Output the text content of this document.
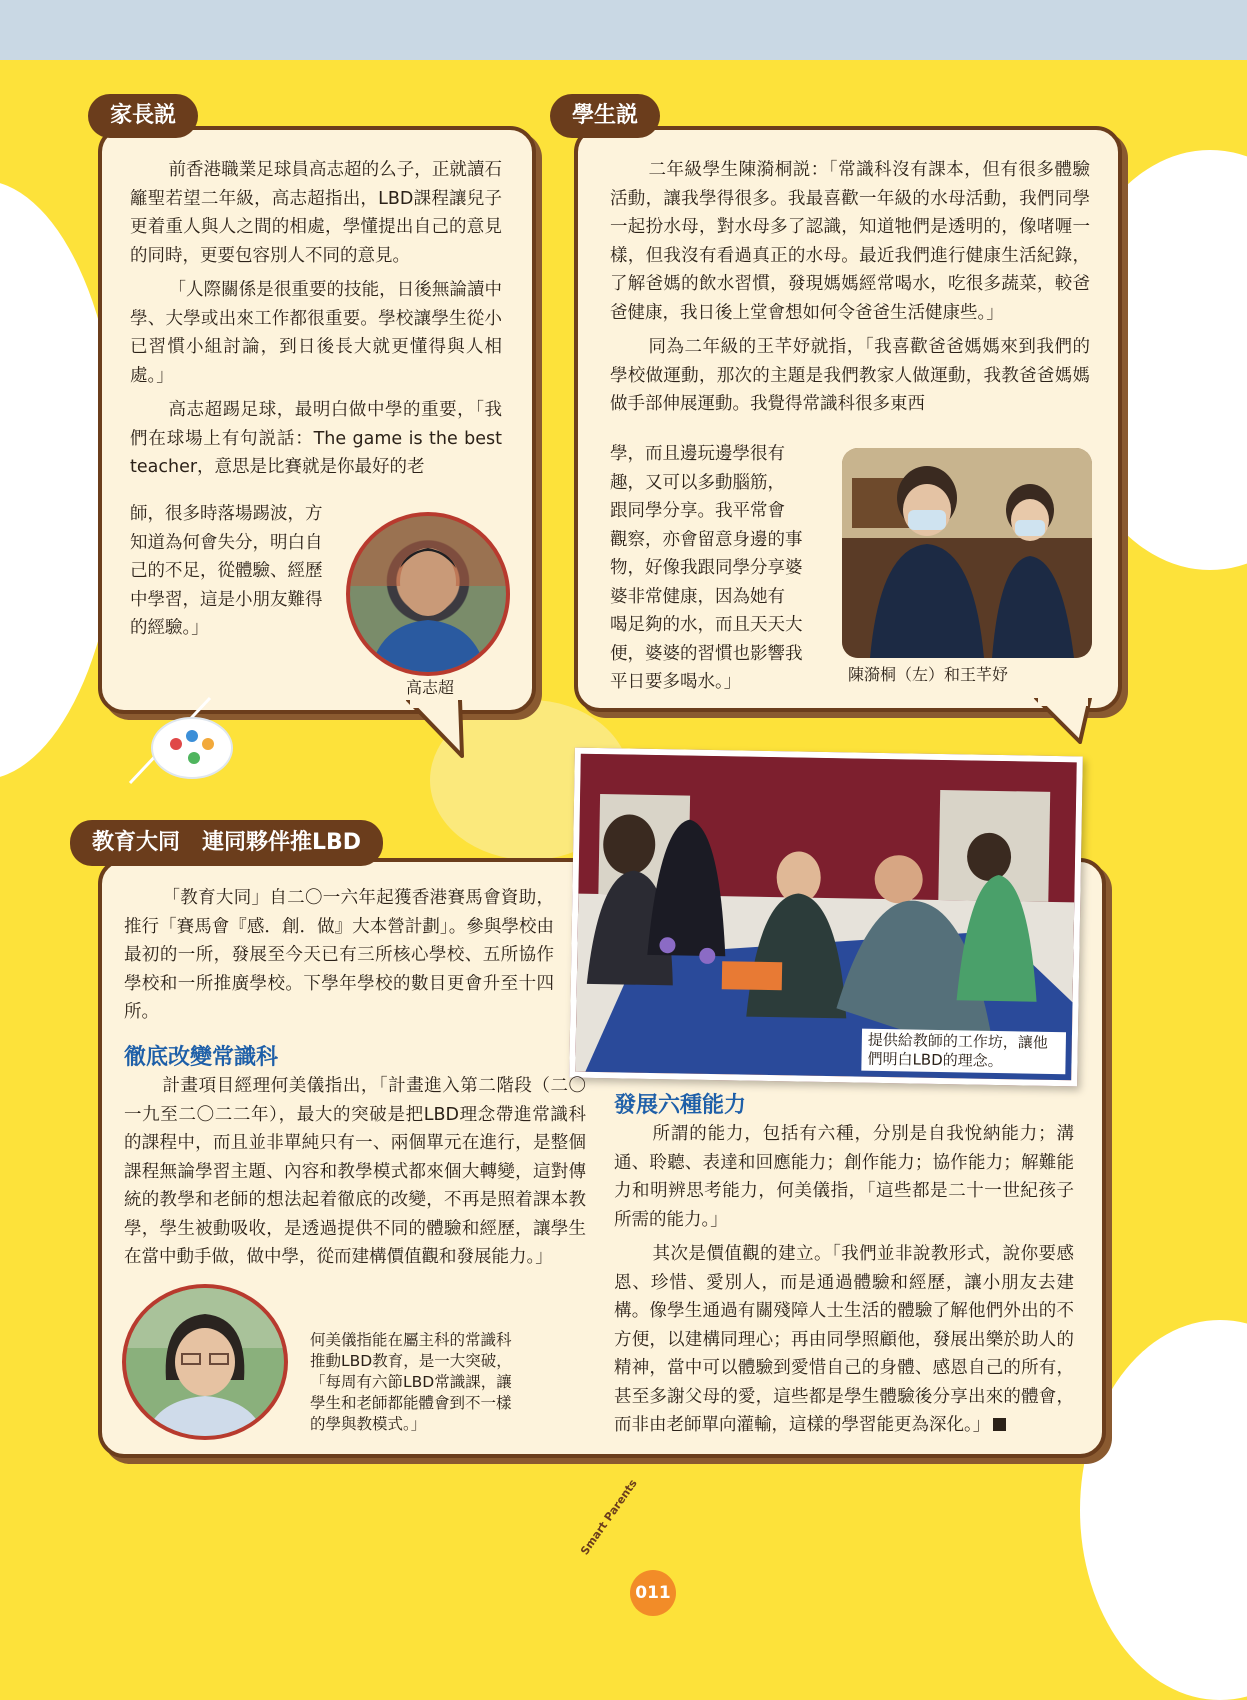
家長説

前香港職業足球員高志超的么子，正就讀石籬聖若望二年級，高志超指出，LBD課程讓兒子更着重人與人之間的相處，學懂提出自己的意見的同時，更要包容別人不同的意見。

「人際關係是很重要的技能，日後無論讀中學、大學或出來工作都很重要。學校讓學生從小已習慣小組討論，到日後長大就更懂得與人相處。」

高志超踢足球，最明白做中學的重要，「我們在球場上有句説話：The game is the best teacher，意思是比賽就是你最好的老

師，很多時落場踢波，方
知道為何會失分，明白自
己的不足，從體驗、經歷
中學習，這是小朋友難得
的經驗。」
高志超
學生説

二年級學生陳漪桐説：「常識科沒有課本，但有很多體驗活動，讓我學得很多。我最喜歡一年級的水母活動，我們同學一起扮水母，對水母多了認識，知道牠們是透明的，像啫喱一樣，但我沒有看過真正的水母。最近我們進行健康生活紀錄，了解爸媽的飲水習慣，發現媽媽經常喝水，吃很多蔬菜，較爸爸健康，我日後上堂會想如何令爸爸生活健康些。」

同為二年級的王芊妤就指，「我喜歡爸爸媽媽來到我們的學校做運動，那次的主題是我們教家人做運動，我教爸爸媽媽做手部伸展運動。我覺得常識科很多東西

學，而且邊玩邊學很有
趣，又可以多動腦筋，
跟同學分享。我平常會
觀察，亦會留意身邊的事
物，好像我跟同學分享婆
婆非常健康，因為她有
喝足夠的水，而且天天大
便，婆婆的習慣也影響我
平日要多喝水。」	陳漪桐（左）和王芊妤
教育大同　連同夥伴推LBD
提供給教師的工作坊，讓他們明白LBD的理念。

「教育大同」自二〇一六年起獲香港賽馬會資助，推行「賽馬會『感．創．做』大本營計劃」。參與學校由最初的一所，發展至今天已有三所核心學校、五所協作學校和一所推廣學校。下學年學校的數目更會升至十四所。

徹底改變常識科

計畫項目經理何美儀指出，「計畫進入第二階段（二〇一九至二〇二二年），最大的突破是把LBD理念帶進常識科的課程中，而且並非單純只有一、兩個單元在進行，是整個課程無論學習主題、內容和教學模式都來個大轉變，這對傳統的教學和老師的想法起着徹底的改變，不再是照着課本教學，學生被動吸收，是透過提供不同的體驗和經歷，讓學生在當中動手做，做中學，從而建構價值觀和發展能力。」

何美儀指能在屬主科的常識科推動LBD教育，是一大突破，「每周有六節LBD常識課，讓學生和老師都能體會到不一樣的學與教模式。」
發展六種能力

所謂的能力，包括有六種，分別是自我悅納能力；溝通、聆聽、表達和回應能力；創作能力；協作能力；解難能力和明辨思考能力，何美儀指，「這些都是二十一世紀孩子所需的能力。」

其次是價值觀的建立。「我們並非說教形式，說你要感恩、珍惜、愛別人，而是通過體驗和經歷，讓小朋友去建構。像學生通過有關殘障人士生活的體驗了解他們外出的不方便，以建構同理心；再由同學照顧他，發展出樂於助人的精神，當中可以體驗到愛惜自己的身體、感恩自己的所有，甚至多謝父母的愛，這些都是學生體驗後分享出來的體會，而非由老師單向灌輸，這樣的學習能更為深化。」

Smart Parents
011
